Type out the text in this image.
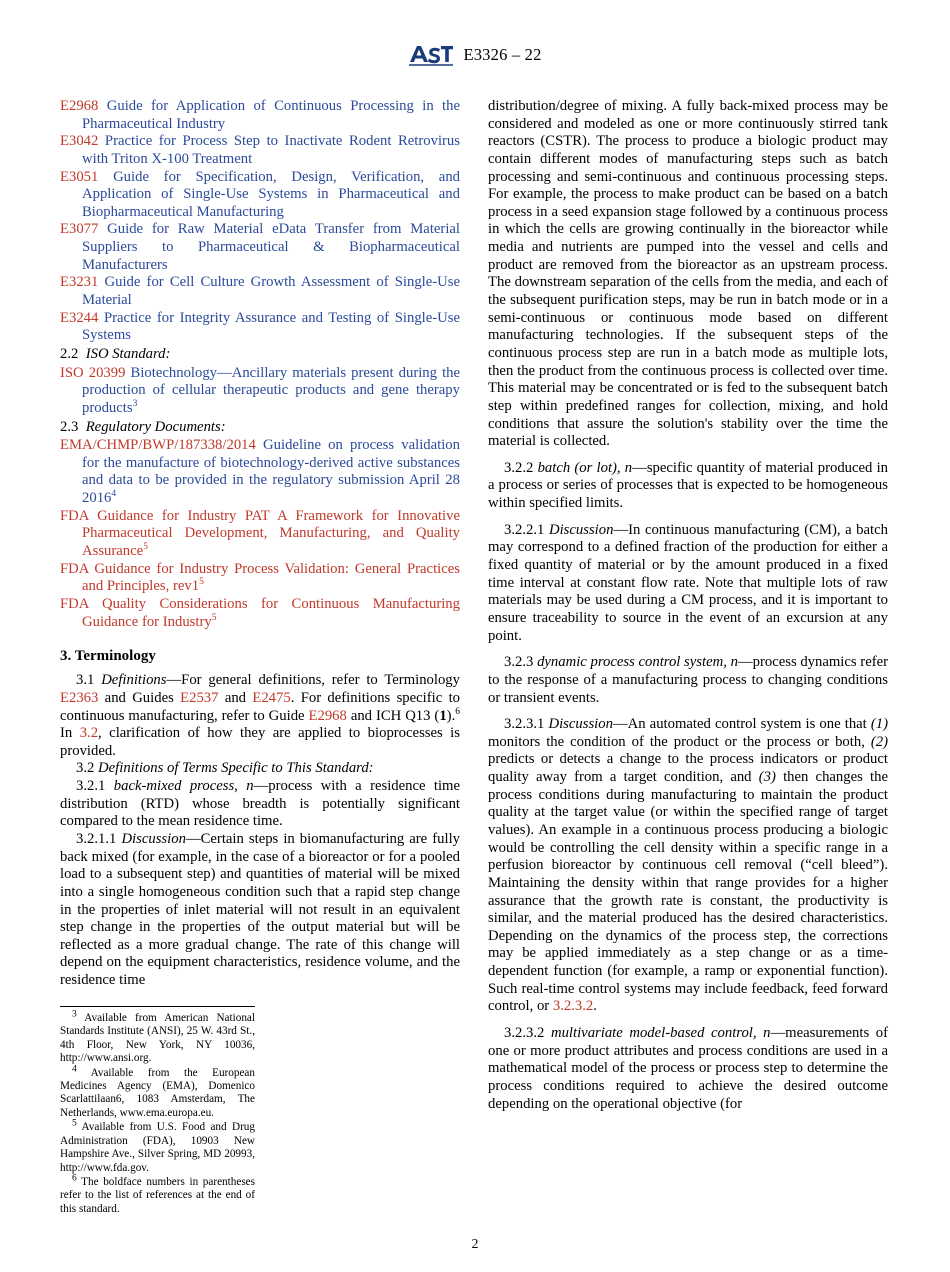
E3326 – 22

E2968 Guide for Application of Continuous Processing in the Pharmaceutical Industry

E3042 Practice for Process Step to Inactivate Rodent Retrovirus with Triton X-100 Treatment

E3051 Guide for Specification, Design, Verification, and Application of Single-Use Systems in Pharmaceutical and Biopharmaceutical Manufacturing

E3077 Guide for Raw Material eData Transfer from Material Suppliers to Pharmaceutical & Biopharmaceutical Manufacturers

E3231 Guide for Cell Culture Growth Assessment of Single-Use Material

E3244 Practice for Integrity Assurance and Testing of Single-Use Systems

2.2 ISO Standard:

ISO 20399 Biotechnology—Ancillary materials present during the production of cellular therapeutic products and gene therapy products$^3$

2.3 Regulatory Documents:

EMA/CHMP/BWP/187338/2014 Guideline on process validation for the manufacture of biotechnology-derived active substances and data to be provided in the regulatory submission April 28 2016$^4$

FDA Guidance for Industry PAT A Framework for Innovative Pharmaceutical Development, Manufacturing, and Quality Assurance$^5$

FDA Guidance for Industry Process Validation: General Practices and Principles, $rev1^5$

FDA Quality Considerations for Continuous Manufacturing Guidance for Industry$^5$

3. Terminology

3.1 Definitions—For general definitions, refer to Terminology E2363 and Guides E2537 and E2475. For definitions specific to continuous manufacturing, refer to Guide E2968 and ICH Q13 (1).$^6$ In 3.2, clarification of how they are applied to bioprocesses is provided.

3.2 Definitions of Terms Specific to This Standard:

3.2.1 back-mixed process, n—process with a residence time distribution (RTD) whose breadth is potentially significant compared to the mean residence time.

3.2.1.1 Discussion—Certain steps in biomanufacturing are fully back mixed (for example, in the case of a bioreactor or for a pooled load to a subsequent step) and quantities of material will be mixed into a single homogeneous condition such that a rapid step change in the properties of inlet material will not result in an equivalent step change in the properties of the output material but will be reflected as a more gradual change. The rate of this change will depend on the equipment characteristics, residence volume, and the residence time

$^3$ Available from American National Standards Institute (ANSI), 25 W. 43rd St., 4th Floor, New York, NY 10036, http://www.ansi.org.

$^4$ Available from the European Medicines Agency (EMA), Domenico Scarlattilaan6, 1083 Amsterdam, The Netherlands, www.ema.europa.eu.

$^5$ Available from U.S. Food and Drug Administration (FDA), 10903 New Hampshire Ave., Silver Spring, MD 20993, http://www.fda.gov.

$^6$ The boldface numbers in parentheses refer to the list of references at the end of this standard.

distribution/degree of mixing. A fully back-mixed process may be considered and modeled as one or more continuously stirred tank reactors (CSTR). The process to produce a biologic product may contain different modes of manufacturing steps such as batch processing and semi-continuous and continuous processing steps. For example, the process to make product can be based on a batch process in a seed expansion stage followed by a continuous process in which the cells are growing continually in the bioreactor while media and nutrients are pumped into the vessel and cells and product are removed from the bioreactor as an upstream process. The downstream separation of the cells from the media, and each of the subsequent purification steps, may be run in batch mode or in a semi-continuous or continuous mode based on different manufacturing technologies. If the subsequent steps of the continuous process step are run in a batch mode as multiple lots, then the product from the continuous process is collected over time. This material may be concentrated or is fed to the subsequent batch step within predefined ranges for collection, mixing, and hold conditions that assure the solution's stability over the time the material is collected.

3.2.2 batch (or lot), n—specific quantity of material produced in a process or series of processes that is expected to be homogeneous within specified limits.

3.2.2.1 Discussion—In continuous manufacturing (CM), a batch may correspond to a defined fraction of the production for either a fixed quantity of material or by the amount produced in a fixed time interval at constant flow rate. Note that multiple lots of raw materials may be used during a CM process, and it is important to ensure traceability to source in the event of an excursion at any point.

3.2.3 dynamic process control system, n—process dynamics refer to the response of a manufacturing process to changing conditions or transient events.

3.2.3.1 Discussion—An automated control system is one that (1) monitors the condition of the product or the process or both, (2) predicts or detects a change to the process indicators or product quality away from a target condition, and (3) then changes the process conditions during manufacturing to maintain the product quality at the target value (or within the specified range of target values). An example in a continuous process producing a biologic would be controlling the cell density within a specific range in a perfusion bioreactor by continuous cell removal (“cell bleed”). Maintaining the density within that range provides for a higher assurance that the growth rate is constant, the productivity is similar, and the material produced has the desired characteristics. Depending on the dynamics of the process step, the corrections may be applied immediately as a step change or as a time-dependent function (for example, a ramp or exponential function). Such real-time control systems may include feedback, feed forward control, or 3.2.3.2.

3.2.3.2 multivariate model-based control, n—measurements of one or more product attributes and process conditions are used in a mathematical model of the process or process step to determine the process conditions required to achieve the desired outcome depending on the operational objective (for

2
